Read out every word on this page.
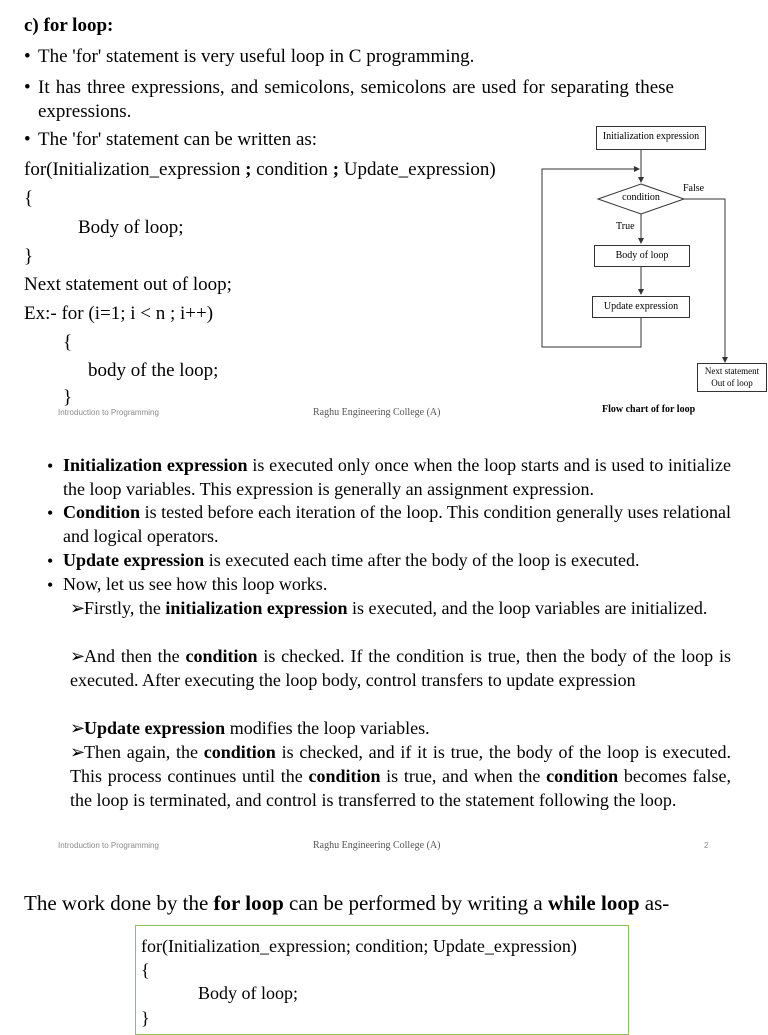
c) for loop:
• The 'for' statement is very useful loop in C programming.
• It has three expressions, and semicolons, semicolons are used for separating these expressions.
• The 'for' statement can be written as:
for(Initialization_expression ; condition ; Update_expression)
{
Body of loop;
}
Next statement out of loop;
Ex:- for (i=1; i < n ; i++)
{
body of the loop;
}
Initialization expression
condition
False
True
Body of loop
Update expression
Next statement
Out of loop
Flow chart of for loop
Introduction to Programming	Raghu Engineering College (A)
• Initialization expression is executed only once when the loop starts and is used to initialize the loop variables. This expression is generally an assignment expression.
• Condition is tested before each iteration of the loop. This condition generally uses relational and logical operators.
• Update expression is executed each time after the body of the loop is executed.
• Now, let us see how this loop works.
➢
Firstly, the initialization expression is executed, and the loop variables are initialized.
➢
And then the condition is checked. If the condition is true, then the body of the loop is executed. After executing the loop body, control transfers to update expression
➢
Update expression modifies the loop variables.
➢
Then again, the condition is checked, and if it is true, the body of the loop is executed. This process continues until the condition is true, and when the condition becomes false, the loop is terminated, and control is transferred to the statement following the loop.
Introduction to Programming	Raghu Engineering College (A)	2
The work done by the for loop can be performed by writing a while loop as-
for(Initialization_expression; condition; Update_expression)
{
Body of loop;
}
